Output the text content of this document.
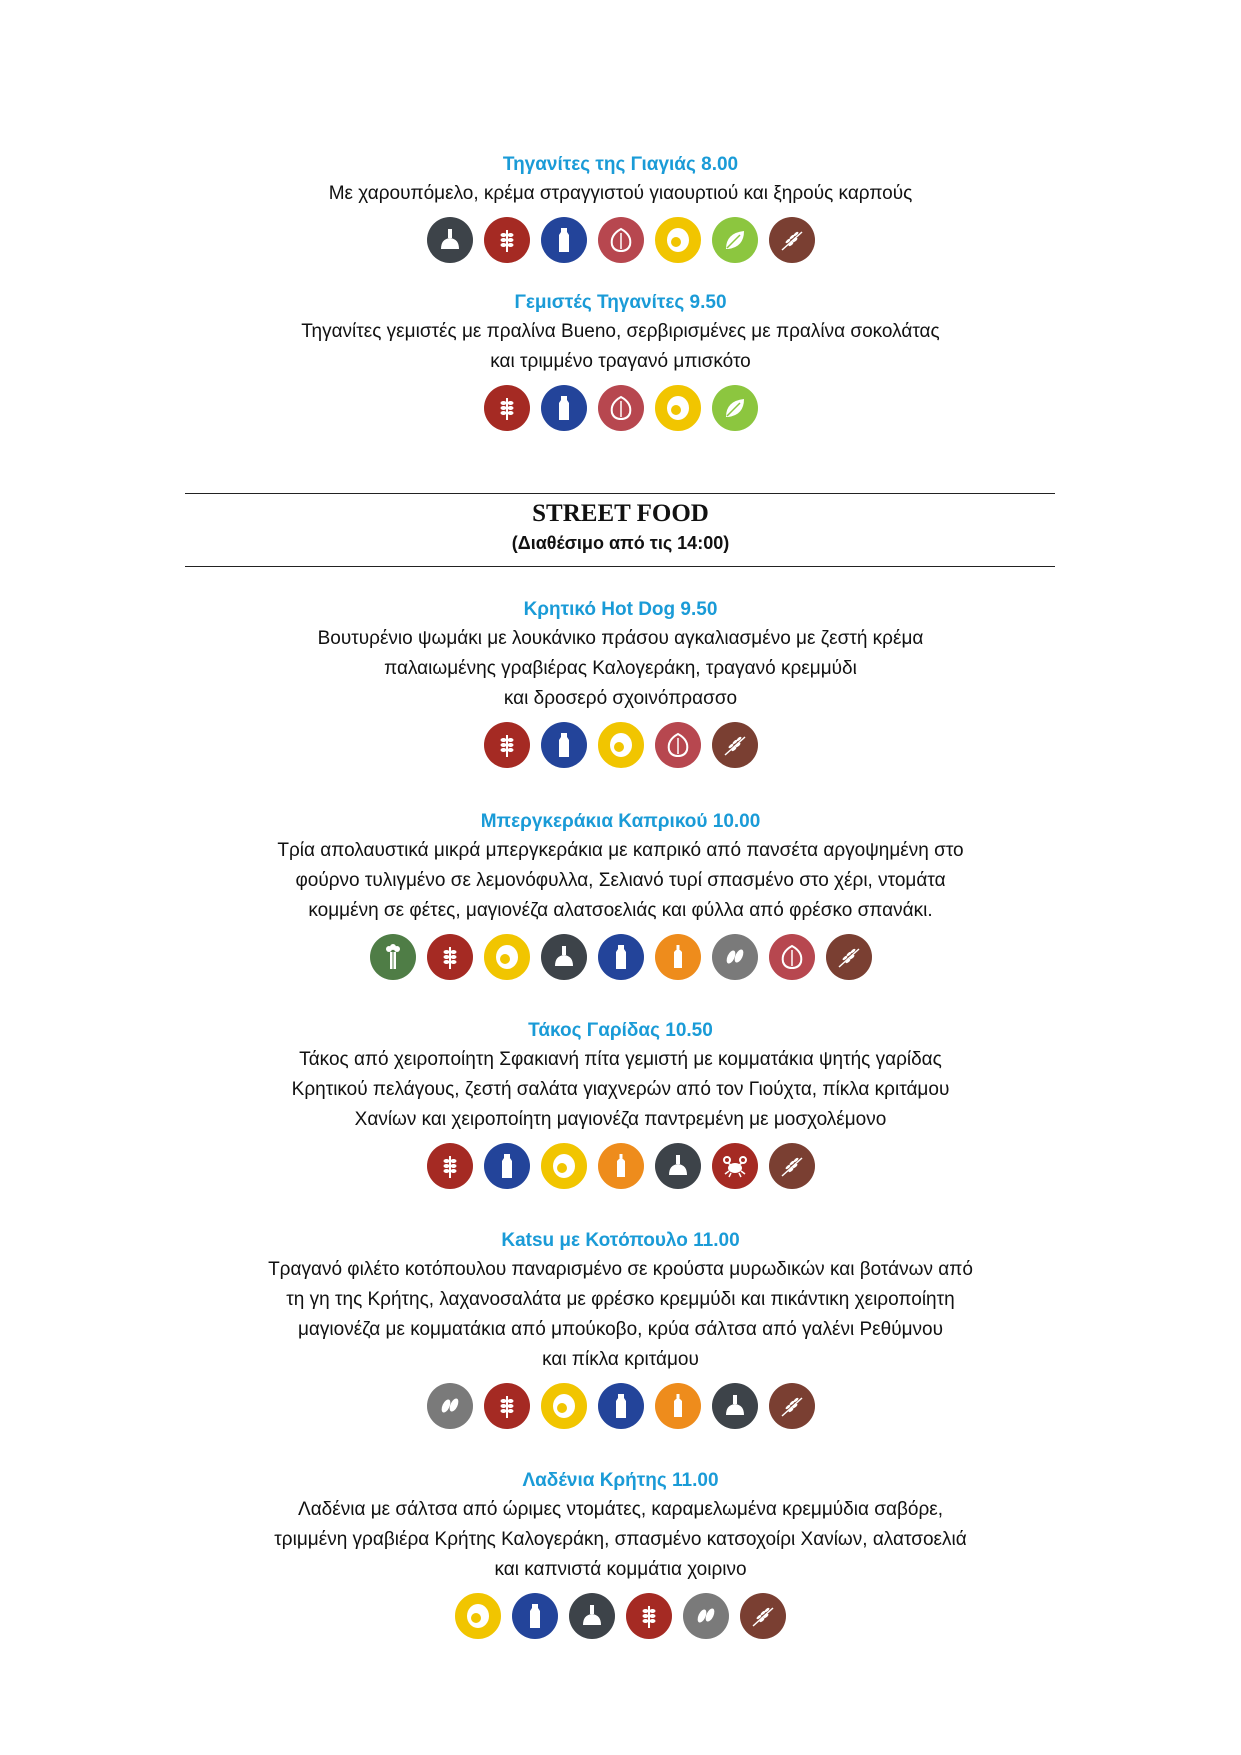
Τηγανίτες της Γιαγιάς 8.00
Με χαρουπόμελο, κρέμα στραγγιστού γιαουρτιού και ξηρούς καρπούς
Γεμιστές Τηγανίτες 9.50
Τηγανίτες γεμιστές με πραλίνα Bueno, σερβιρισμένες με πραλίνα σοκολάτας
και τριμμένο τραγανό μπισκότο
STREET FOOD
(Διαθέσιμο από τις 14:00)
Κρητικό Hot Dog 9.50
Βουτυρένιο ψωμάκι με λουκάνικο πράσου αγκαλιασμένο με ζεστή κρέμα
παλαιωμένης γραβιέρας Καλογεράκη, τραγανό κρεμμύδι
και δροσερό σχοινόπρασσο
Μπεργκεράκια Καπρικού 10.00
Τρία απολαυστικά μικρά μπεργκεράκια με καπρικό από πανσέτα αργοψημένη στο
φούρνο τυλιγμένο σε λεμονόφυλλα, Σελιανό τυρί σπασμένο στο χέρι, ντομάτα
κομμένη σε φέτες, μαγιονέζα αλατσοελιάς και φύλλα από φρέσκο σπανάκι.
Τάκος Γαρίδας 10.50
Τάκος από χειροποίητη Σφακιανή πίτα γεμιστή με κομματάκια ψητής γαρίδας
Κρητικού πελάγους, ζεστή σαλάτα γιαχνερών από τον Γιούχτα, πίκλα κριτάμου
Χανίων και χειροποίητη μαγιονέζα παντρεμένη με μοσχολέμονο
Katsu με Κοτόπουλο 11.00
Τραγανό φιλέτο κοτόπουλου παναρισμένο σε κρούστα μυρωδικών και βοτάνων από
τη γη της Κρήτης, λαχανοσαλάτα με φρέσκο κρεμμύδι και πικάντικη χειροποίητη
μαγιονέζα με κομματάκια από μπούκοβο, κρύα σάλτσα από γαλένι Ρεθύμνου
και πίκλα κριτάμου
Λαδένια Κρήτης 11.00
Λαδένια με σάλτσα από ώριμες ντομάτες, καραμελωμένα κρεμμύδια σαβόρε,
τριμμένη γραβιέρα Κρήτης Καλογεράκη, σπασμένο κατσοχοίρι Χανίων, αλατσοελιά
και καπνιστά κομμάτια χοιρινο
